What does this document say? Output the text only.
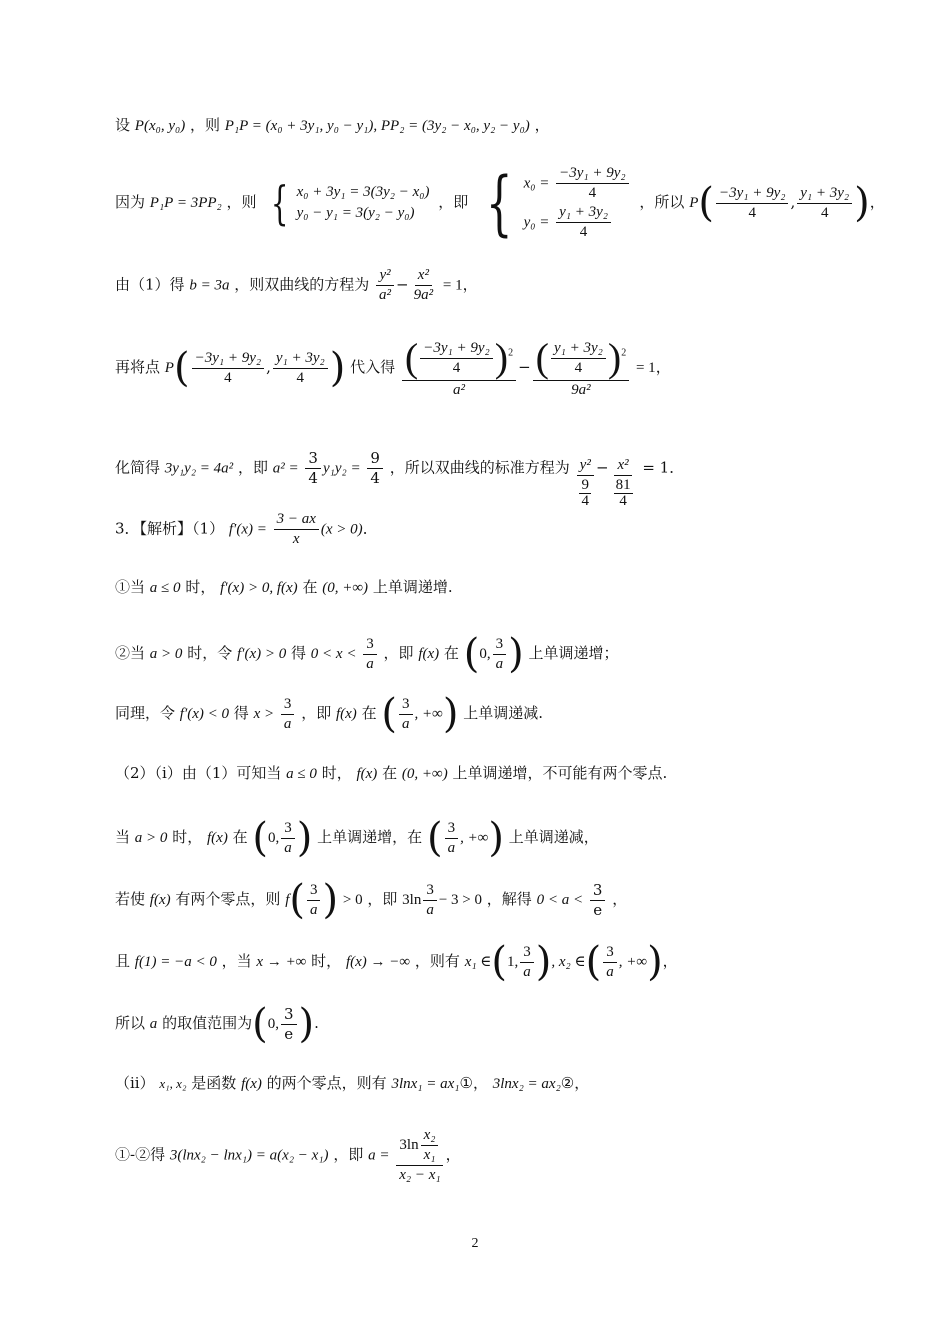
设 P(x₀, y₀) ，则 P₁P = (x₀ + 3y₁, y₀ − y₁), PP₂ = (3y₂ − x₀, y₂ − y₀) ，
因为 P₁P = 3PP₂ ，则 { x₀ + 3y₁ = 3(3y₂ − x₀)
y₀ − y₁ = 3(y₂ − y₀)
，即 { $x_0 = \frac{\text{−3y₁ + 9y₂}}{4}$
$y_0 = \frac{\text{y₁ + 3y₂}}{4}$
，所以 $P( \frac{\text{−3y₁ + 9y₂}}{4}$ , $\frac{\text{y₁ + 3y₂}}{4}$ )，
由（1）得 b = 3a ，则双曲线的方程为 $\frac{\text{y²}}{\text{a²}} - \frac{\text{x²}}{\text{9a²}} = 1$，
再将点 $P( \frac{\text{−3y₁ + 9y₂}}{4}$ , $\frac{\text{y₁ + 3y₂}}{4}$ ) 代入得 $\frac{( \frac{\text{−3y₁ + 9y₂}}{4} )^2}{\text{a²}} - \frac{( \frac{\text{y₁ + 3y₂}}{4} )^2}{\text{9a²}} = 1$，
化简得 3y₁y₂ = 4a² ，即 $a^2 = \frac{3}{4} y_1y_2 = \frac{9}{4}$ ，所以双曲线的标准方程为 $\frac{\text{y²}}{\frac{9}{4}} - \frac{\text{x²}}{\frac{81}{4}} = 1$．
3．【解析】（1） $f'(x) = \frac{3 - ax}{x} (x > 0)$．
①当 a ≤ 0 时， f′(x) > 0, f(x) 在 (0, +∞) 上单调递增.
②当 a > 0 时，令 f′(x) > 0 得 $0 < x < \frac{3}{a}$ ，即 f(x) 在 (0, $\frac{3}{a}$ ) 上单调递增；
同理，令 f′(x) < 0 得 $x > \frac{3}{a}$ ，即 f(x) 在 ( $\frac{3}{a}$ , +∞) 上单调递减.
（2）（i）由（1）可知当 a ≤ 0 时， f(x) 在 (0, +∞) 上单调递增，不可能有两个零点.
当 a > 0 时， f(x) 在 (0, $\frac{3}{a}$ ) 上单调递增，在 ( $\frac{3}{a}$ , +∞) 上单调递减，
若使 f(x) 有两个零点，则 $f( \frac{3}{a}$ ) > 0 ，即 $3\ln \frac{3}{a} - 3 > 0$ ，解得 $0 < a < \frac{3}{e}$ ，
且 f(1) = −a < 0 ，当 x → +∞ 时， f(x) → −∞ ，则有 x₁ ∈(1, $\frac{3}{a}$ ), x₂ ∈( $\frac{3}{a}$ , +∞)，
所以 a 的取值范围为(0, $\frac{3}{e}$ ).
（ii） x₁, x₂ 是函数 f(x) 的两个零点，则有 3lnx₁ = ax₁①， 3lnx₂ = ax₂②，
①-②得 3(lnx₂ − lnx₁) = a(x₂ − x₁) ，即 $a = \frac{3\ln \frac{\text{x₂}}{\text{x₁}}}{\text{x₂ − x₁}}$ ，
2
